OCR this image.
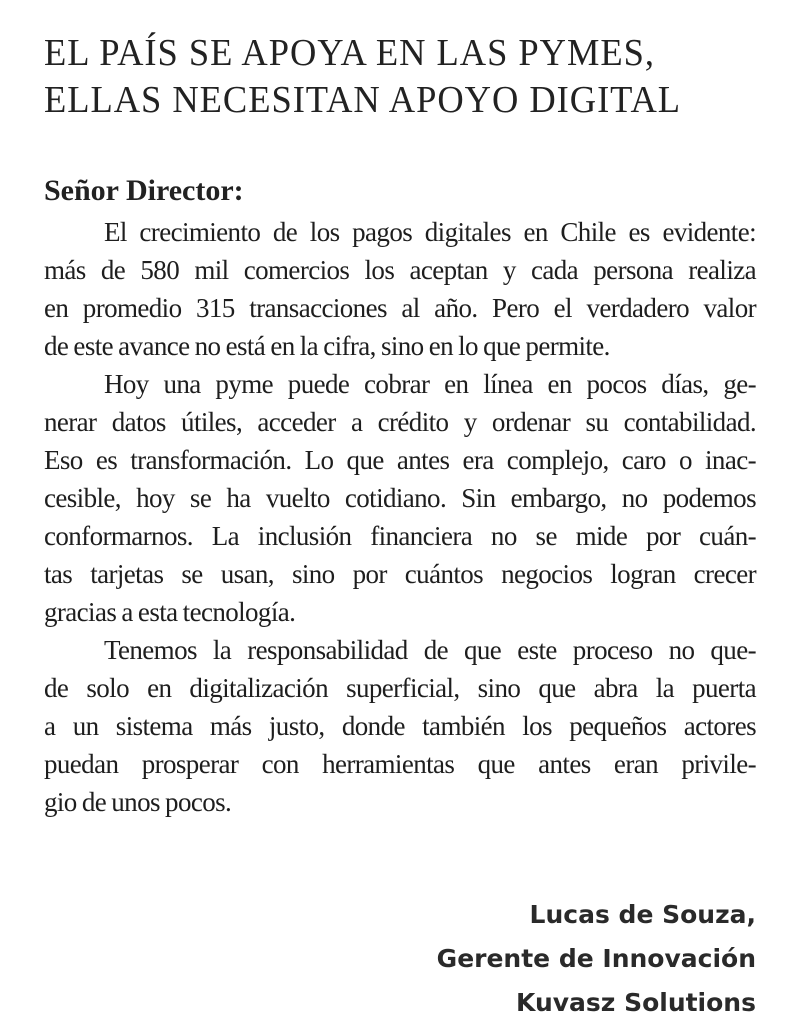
EL PAÍS SE APOYA EN LAS PYMES,
ELLAS NECESITAN APOYO DIGITAL

Señor Director:

El crecimiento de los pagos digitales en Chile es evidente:
más de 580 mil comercios los aceptan y cada persona realiza
en promedio 315 transacciones al año. Pero el verdadero valor
de este avance no está en la cifra, sino en lo que permite.

Hoy una pyme puede cobrar en línea en pocos días, ge-
nerar datos útiles, acceder a crédito y ordenar su contabilidad.
Eso es transformación. Lo que antes era complejo, caro o inac-
cesible, hoy se ha vuelto cotidiano. Sin embargo, no podemos
conformarnos. La inclusión financiera no se mide por cuán-
tas tarjetas se usan, sino por cuántos negocios logran crecer
gracias a esta tecnología.

Tenemos la responsabilidad de que este proceso no que-
de solo en digitalización superficial, sino que abra la puerta
a un sistema más justo, donde también los pequeños actores
puedan prosperar con herramientas que antes eran privile-
gio de unos pocos.

Lucas de Souza,
Gerente de Innovación
Kuvasz Solutions
